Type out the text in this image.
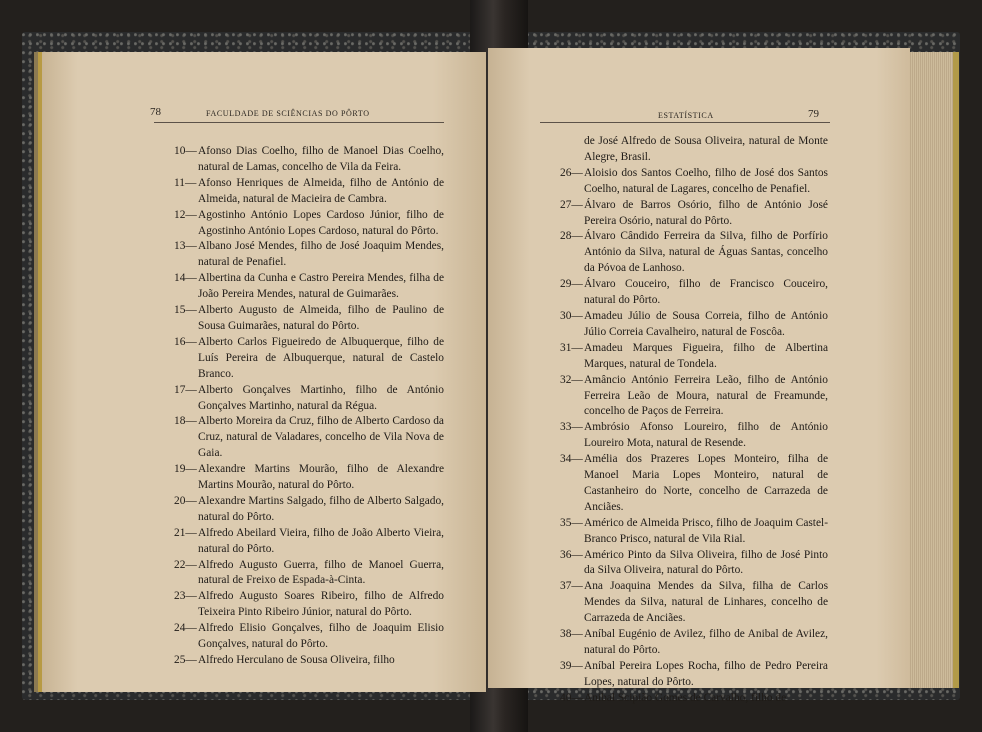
78	FACULDADE DE SCIÊNCIAS DO PÔRTO
10— Afonso Dias Coelho, filho de Manoel Dias Coelho, natural de Lamas, concelho de Vila da Feira.
11— Afonso Henriques de Almeida, filho de António de Almeida, natural de Macieira de Cambra.
12— Agostinho António Lopes Cardoso Júnior, filho de Agostinho António Lopes Cardoso, natural do Pôrto.
13— Albano José Mendes, filho de José Joaquim Mendes, natural de Penafiel.
14— Albertina da Cunha e Castro Pereira Mendes, filha de João Pereira Mendes, natural de Guimarães.
15— Alberto Augusto de Almeida, filho de Paulino de Sousa Guimarães, natural do Pôrto.
16— Alberto Carlos Figueiredo de Albuquerque, filho de Luís Pereira de Albuquerque, natural de Castelo Branco.
17— Alberto Gonçalves Martinho, filho de António Gonçalves Martinho, natural da Régua.
18— Alberto Moreira da Cruz, filho de Alberto Cardoso da Cruz, natural de Valadares, concelho de Vila Nova de Gaia.
19— Alexandre Martins Mourão, filho de Alexandre Martins Mourão, natural do Pôrto.
20— Alexandre Martins Salgado, filho de Alberto Salgado, natural do Pôrto.
21— Alfredo Abeilard Vieira, filho de João Alberto Vieira, natural do Pôrto.
22— Alfredo Augusto Guerra, filho de Manoel Guerra, natural de Freixo de Espada-à-Cinta.
23— Alfredo Augusto Soares Ribeiro, filho de Alfredo Teixeira Pinto Ribeiro Júnior, natural do Pôrto.
24— Alfredo Elisio Gonçalves, filho de Joaquim Elisio Gonçalves, natural do Pôrto.
25— Alfredo Herculano de Sousa Oliveira, filho
ESTATÍSTICA	79
de José Alfredo de Sousa Oliveira, natural de Monte Alegre, Brasil.
26— Aloisio dos Santos Coelho, filho de José dos Santos Coelho, natural de Lagares, concelho de Penafiel.
27— Álvaro de Barros Osório, filho de António José Pereira Osório, natural do Pôrto.
28— Álvaro Cândido Ferreira da Silva, filho de Porfírio António da Silva, natural de Águas Santas, concelho da Póvoa de Lanhoso.
29— Álvaro Couceiro, filho de Francisco Couceiro, natural do Pôrto.
30— Amadeu Júlio de Sousa Correia, filho de António Júlio Correia Cavalheiro, natural de Foscôa.
31— Amadeu Marques Figueira, filho de Albertina Marques, natural de Tondela.
32— Amâncio António Ferreira Leão, filho de António Ferreira Leão de Moura, natural de Freamunde, concelho de Paços de Ferreira.
33— Ambrósio Afonso Loureiro, filho de António Loureiro Mota, natural de Resende.
34— Amélia dos Prazeres Lopes Monteiro, filha de Manoel Maria Lopes Monteiro, natural de Castanheiro do Norte, concelho de Carrazeda de Anciães.
35— Américo de Almeida Prisco, filho de Joaquim Castel-Branco Prisco, natural de Vila Rial.
36— Américo Pinto da Silva Oliveira, filho de José Pinto da Silva Oliveira, natural do Pôrto.
37— Ana Joaquina Mendes da Silva, filha de Carlos Mendes da Silva, natural de Linhares, concelho de Carrazeda de Anciães.
38— Aníbal Eugénio de Avilez, filho de Anibal de Avilez, natural do Pôrto.
39— Aníbal Pereira Lopes Rocha, filho de Pedro Pereira Lopes, natural do Pôrto.
40— Anibal Scipião Gomes de Carvalho, filho de
